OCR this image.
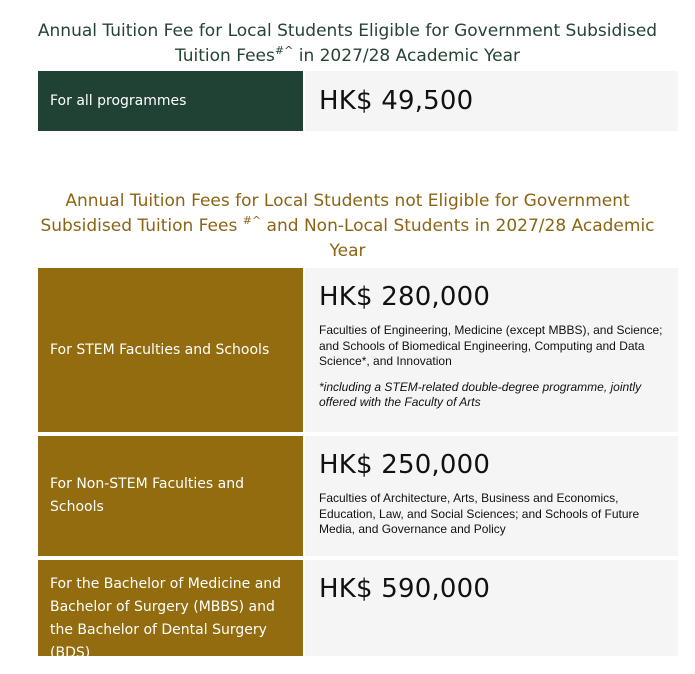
Annual Tuition Fee for Local Students Eligible for Government Subsidised
Tuition Fees#^ in 2027/28 Academic Year
For all programmes	HK$ 49,500
Annual Tuition Fees for Local Students not Eligible for Government
Subsidised Tuition Fees #^ and Non-Local Students in 2027/28 Academic
Year
For STEM Faculties and Schools
HK$ 280,000
Faculties of Engineering, Medicine (except MBBS), and Science; and Schools of Biomedical Engineering, Computing and Data Science*, and Innovation
*including a STEM-related double-degree programme, jointly offered with the Faculty of Arts
For Non-STEM Faculties and Schools
HK$ 250,000
Faculties of Architecture, Arts, Business and Economics, Education, Law, and Social Sciences; and Schools of Future Media, and Governance and Policy
For the Bachelor of Medicine and Bachelor of Surgery (MBBS) and the Bachelor of Dental Surgery (BDS)
HK$ 590,000
